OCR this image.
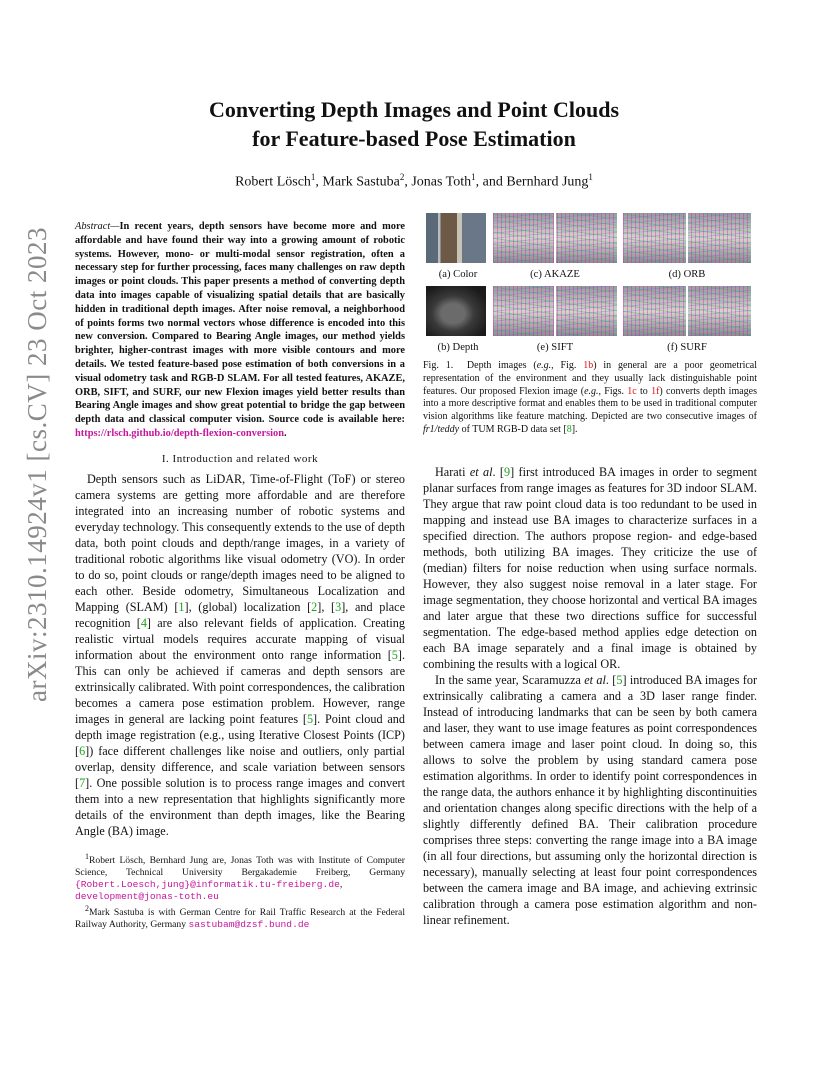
arXiv:2310.14924v1 [cs.CV] 23 Oct 2023
Converting Depth Images and Point Clouds
for Feature-based Pose Estimation
Robert Lösch$^1$, Mark Sastuba$^2$, Jonas Toth$^1$, and Bernhard Jung$^1$
Abstract—In recent years, depth sensors have become more and more affordable and have found their way into a growing amount of robotic systems. However, mono- or multi-modal sensor registration, often a necessary step for further processing, faces many challenges on raw depth images or point clouds. This paper presents a method of converting depth data into images capable of visualizing spatial details that are basically hidden in traditional depth images. After noise removal, a neighborhood of points forms two normal vectors whose difference is encoded into this new conversion. Compared to Bearing Angle images, our method yields brighter, higher-contrast images with more visible contours and more details. We tested feature-based pose estimation of both conversions in a visual odometry task and RGB-D SLAM. For all tested features, AKAZE, ORB, SIFT, and SURF, our new Flexion images yield better results than Bearing Angle images and show great potential to bridge the gap between depth data and classical computer vision. Source code is available here: https://rlsch.github.io/depth-flexion-conversion.
I. Introduction and related work

Depth sensors such as LiDAR, Time-of-Flight (ToF) or stereo camera systems are getting more affordable and are therefore integrated into an increasing number of robotic systems and everyday technology. This consequently extends to the use of depth data, both point clouds and depth/range images, in a variety of traditional robotic algorithms like visual odometry (VO). In order to do so, point clouds or range/depth images need to be aligned to each other. Beside odometry, Simultaneous Localization and Mapping (SLAM) [1], (global) localization [2], [3], and place recognition [4] are also relevant fields of application. Creating realistic virtual models requires accurate mapping of visual information about the environment onto range information [5]. This can only be achieved if cameras and depth sensors are extrinsically calibrated. With point correspondences, the calibration becomes a camera pose estimation problem. However, range images in general are lacking point features [5]. Point cloud and depth image registration (e.g., using Iterative Closest Points (ICP) [6]) face different challenges like noise and outliers, only partial overlap, density difference, and scale variation between sensors [7]. One possible solution is to process range images and convert them into a new representation that highlights significantly more details of the environment than depth images, like the Bearing Angle (BA) image.

$^1$Robert Lösch, Bernhard Jung are, Jonas Toth was with Institute of Computer Science, Technical University Bergakademie Freiberg, Germany {Robert.Loesch,jung}@informatik.tu-freiberg.de, development@jonas-toth.eu

$^2$Mark Sastuba is with German Centre for Rail Traffic Research at the Federal Railway Authority, Germany sastubam@dzsf.bund.de

(a) Color	(c) AKAZE	(d) ORB
(b) Depth	(e) SIFT	(f) SURF
Fig. 1. Depth images (e.g., Fig. 1b) in general are a poor geometrical representation of the environment and they usually lack distinguishable point features. Our proposed Flexion image (e.g., Figs. 1c to 1f) converts depth images into a more descriptive format and enables them to be used in traditional computer vision algorithms like feature matching. Depicted are two consecutive images of fr1/teddy of TUM RGB-D data set [8].

Harati et al. [9] first introduced BA images in order to segment planar surfaces from range images as features for 3D indoor SLAM. They argue that raw point cloud data is too redundant to be used in mapping and instead use BA images to characterize surfaces in a specified direction. The authors propose region- and edge-based methods, both utilizing BA images. They criticize the use of (median) filters for noise reduction when using surface normals. However, they also suggest noise removal in a later stage. For image segmentation, they choose horizontal and vertical BA images and later argue that these two directions suffice for successful segmentation. The edge-based method applies edge detection on each BA image separately and a final image is obtained by combining the results with a logical OR.

In the same year, Scaramuzza et al. [5] introduced BA images for extrinsically calibrating a camera and a 3D laser range finder. Instead of introducing landmarks that can be seen by both camera and laser, they want to use image features as point correspondences between camera image and laser point cloud. In doing so, this allows to solve the problem by using standard camera pose estimation algorithms. In order to identify point correspondences in the range data, the authors enhance it by highlighting discontinuities and orientation changes along specific directions with the help of a slightly differently defined BA. Their calibration procedure comprises three steps: converting the range image into a BA image (in all four directions, but assuming only the horizontal direction is necessary), manually selecting at least four point correspondences between the camera image and BA image, and achieving extrinsic calibration through a camera pose estimation algorithm and non-linear refinement.
